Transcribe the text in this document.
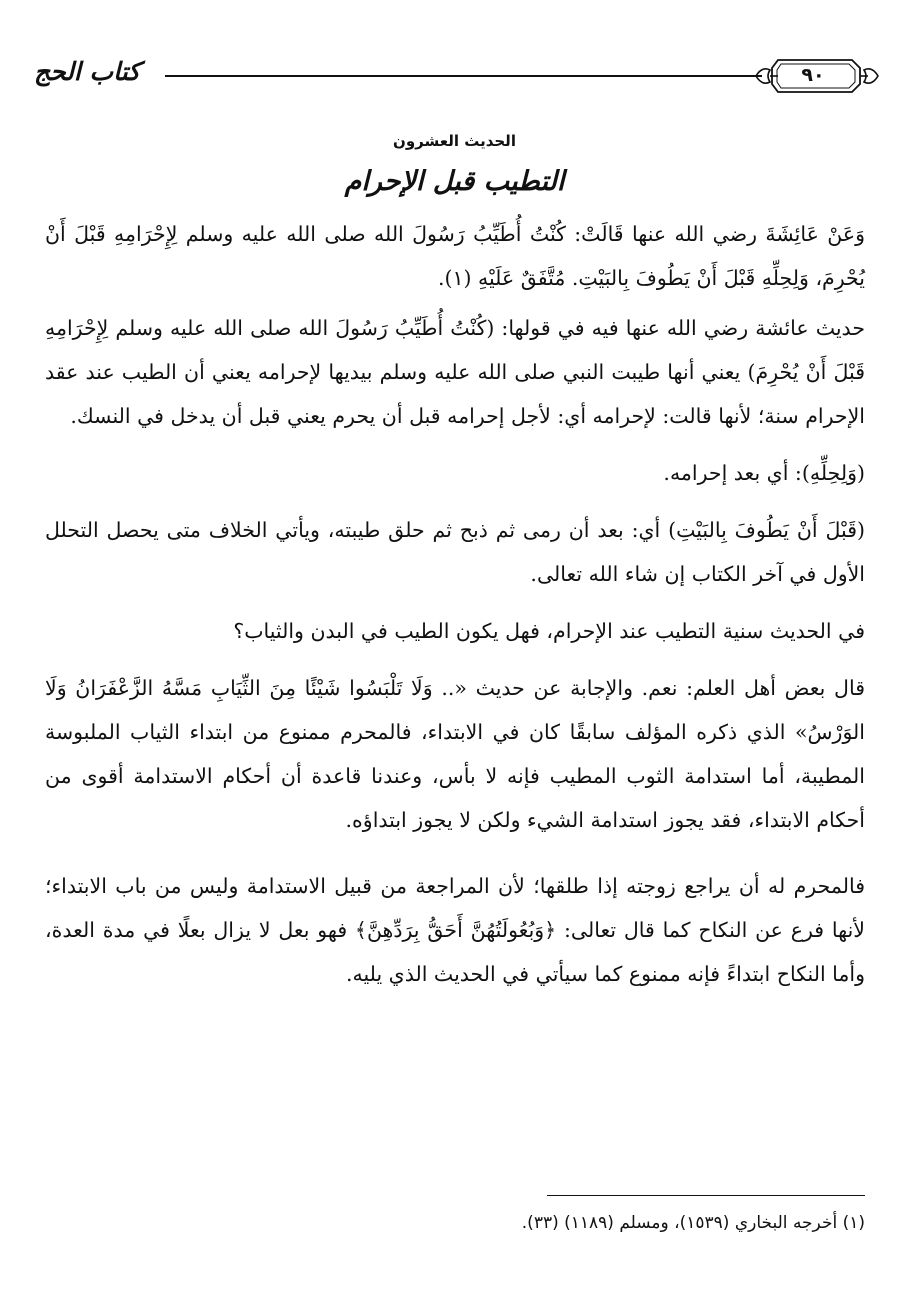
كتاب الحج	٩٠
الحديث العشرون
التطيب قبل الإحرام

وَعَنْ عَائِشَةَ رضي الله عنها قَالَتْ: كُنْتُ أُطَيِّبُ رَسُولَ الله صلى الله عليه وسلم لِإِحْرَامِهِ قَبْلَ أَنْ يُحْرِمَ، وَلِحِلِّهِ قَبْلَ أَنْ يَطُوفَ بِالبَيْتِ. مُتَّفَقٌ عَلَيْهِ (١).

حديث عائشة رضي الله عنها فيه في قولها: (كُنْتُ أُطَيِّبُ رَسُولَ الله صلى الله عليه وسلم لِإِحْرَامِهِ قَبْلَ أَنْ يُحْرِمَ) يعني أنها طيبت النبي صلى الله عليه وسلم بيديها لإحرامه يعني أن الطيب عند عقد الإحرام سنة؛ لأنها قالت: لإحرامه أي: لأجل إحرامه قبل أن يحرم يعني قبل أن يدخل في النسك.

(وَلِحِلِّهِ): أي بعد إحرامه.

(قَبْلَ أَنْ يَطُوفَ بِالبَيْتِ) أي: بعد أن رمى ثم ذبح ثم حلق طيبته، ويأتي الخلاف متى يحصل التحلل الأول في آخر الكتاب إن شاء الله تعالى.

في الحديث سنية التطيب عند الإحرام، فهل يكون الطيب في البدن والثياب؟

قال بعض أهل العلم: نعم. والإجابة عن حديث «.. وَلَا تَلْبَسُوا شَيْئًا مِنَ الثِّيَابِ مَسَّهُ الزَّعْفَرَانُ وَلَا الوَرْسُ» الذي ذكره المؤلف سابقًا كان في الابتداء، فالمحرم ممنوع من ابتداء الثياب الملبوسة المطيبة، أما استدامة الثوب المطيب فإنه لا بأس، وعندنا قاعدة أن أحكام الاستدامة أقوى من أحكام الابتداء، فقد يجوز استدامة الشيء ولكن لا يجوز ابتداؤه.

فالمحرم له أن يراجع زوجته إذا طلقها؛ لأن المراجعة من قبيل الاستدامة وليس من باب الابتداء؛ لأنها فرع عن النكاح كما قال تعالى: ﴿وَبُعُولَتُهُنَّ أَحَقُّ بِرَدِّهِنَّ﴾ فهو بعل لا يزال بعلًا في مدة العدة، وأما النكاح ابتداءً فإنه ممنوع كما سيأتي في الحديث الذي يليه.

(١) أخرجه البخاري (١٥٣٩)، ومسلم (١١٨٩) (٣٣).
